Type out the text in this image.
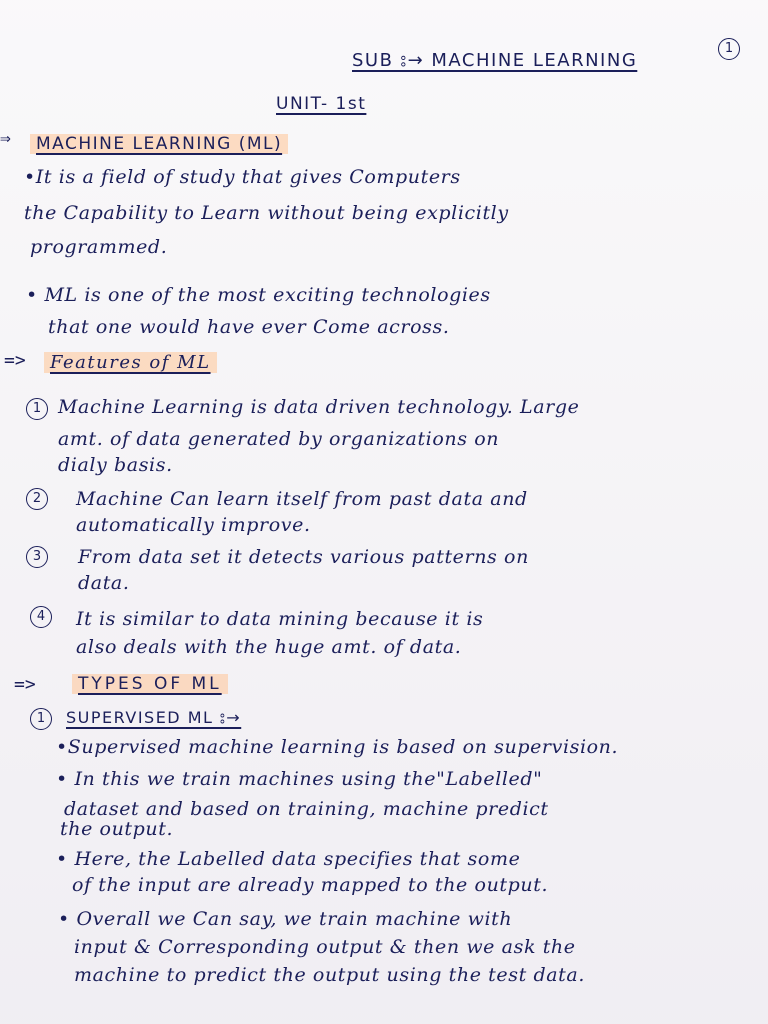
SUB ⦂→ MACHINE LEARNING
1
UNIT- 1st
⇒	MACHINE LEARNING (ML)
•It is a field of study that gives Computers
the Capability to Learn without being explicitly
programmed.
• ML is one of the most exciting technologies
that one would have ever Come across.
=>	Features of ML
1 Machine Learning is data driven technology. Large
amt. of data generated by organizations on
dialy basis.
2	Machine Can learn itself from past data and
automatically improve.
3	From data set it detects various patterns on
data.
4	It is similar to data mining because it is
also deals with the huge amt. of data.
=>	TYPES OF ML
1	SUPERVISED ML ⦂→
•Supervised machine learning is based on supervision.
• In this we train machines using the"Labelled"
dataset and based on training, machine predict
the output.
• Here, the Labelled data specifies that some
of the input are already mapped to the output.
• Overall we Can say, we train machine with
input & Corresponding output & then we ask the
machine to predict the output using the test data.
